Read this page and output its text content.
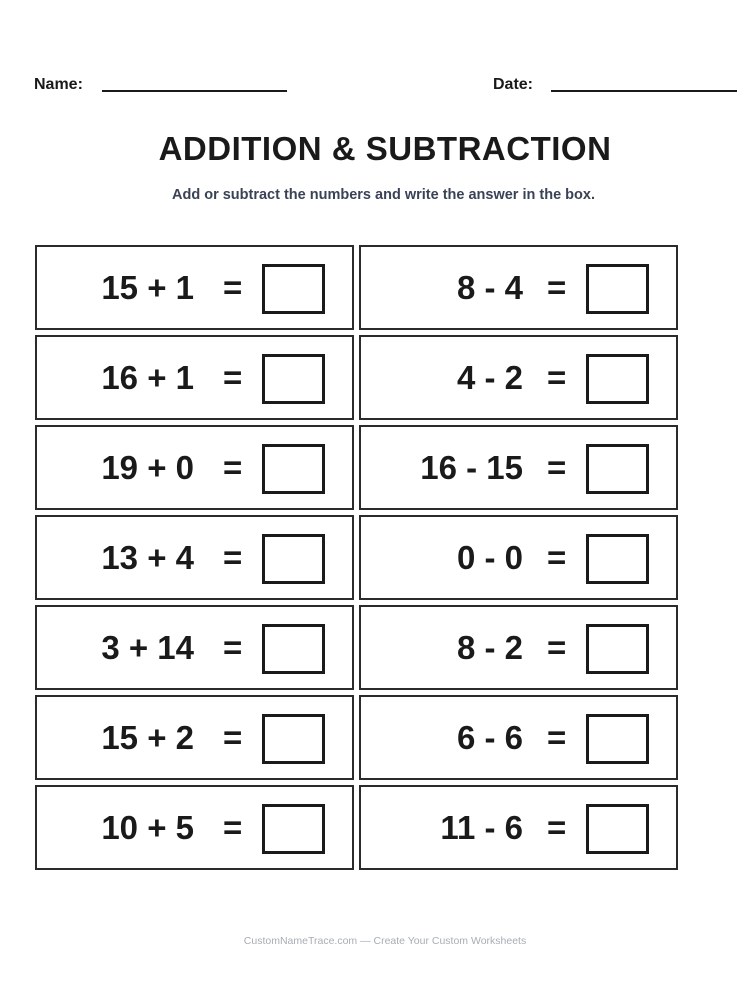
Name:	Date:
ADDITION & SUBTRACTION
Add or subtract the numbers and write the answer in the box.
15 + 1 =
16 + 1 =
19 + 0 =
13 + 4 =
3 + 14 =
15 + 2 =
10 + 5 =
8 - 4 =
4 - 2 =
16 - 15 =
0 - 0 =
8 - 2 =
6 - 6 =
11 - 6 =
CustomNameTrace.com — Create Your Custom Worksheets
